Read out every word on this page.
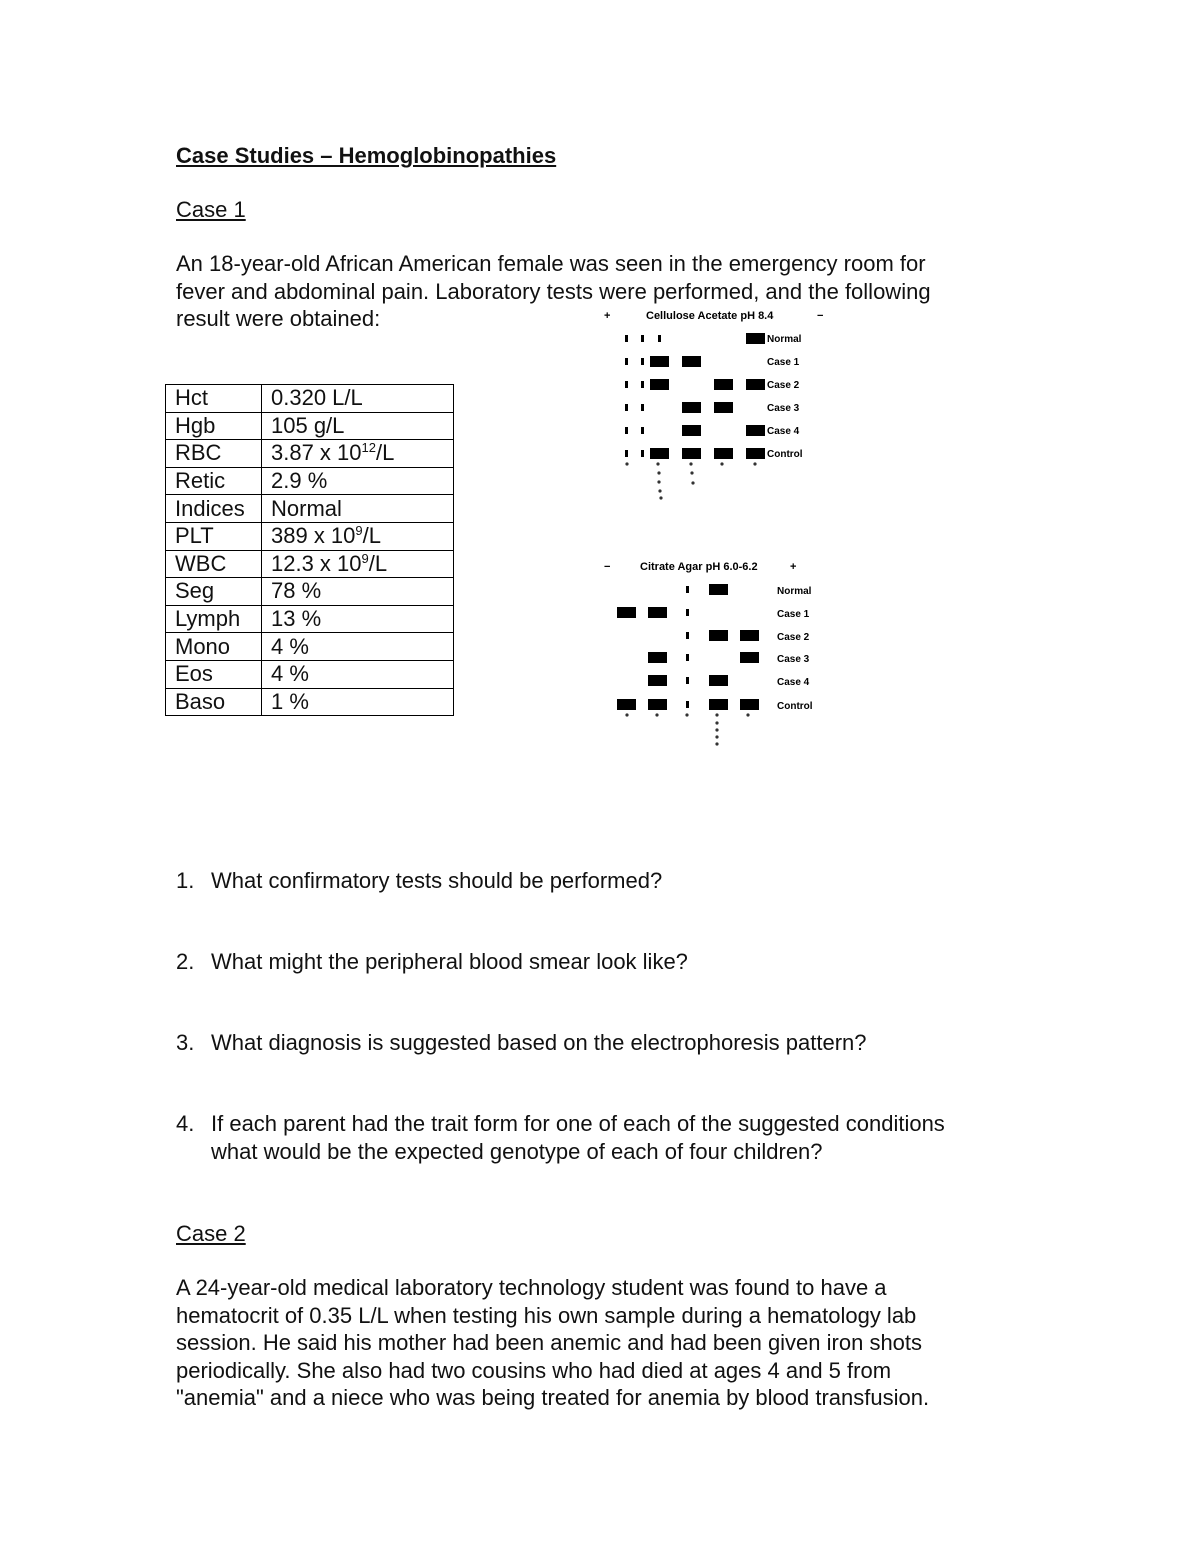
Case Studies – Hemoglobinopathies
Case 1
An 18-year-old African American female was seen in the emergency room for
fever and abdominal pain. Laboratory tests were performed, and the following
result were obtained:
Hct	0.320 L/L
Hgb	105 g/L
RBC	3.87 x $10^{12}/L$
Retic	2.9 %
Indices	Normal
PLT	389 x $10^9/L$
WBC	12.3 x $10^9/L$
Seg	78 %
Lymph	13 %
Mono	4 %
Eos	4 %
Baso	1 %
+	Cellulose Acetate pH 8.4	−
Normal
Case 1
Case 2
Case 3
Case 4
Control
−	Citrate Agar pH 6.0-6.2	+
Normal
Case 1
Case 2
Case 3
Case 4
Control
1. What confirmatory tests should be performed?
2. What might the peripheral blood smear look like?
3. What diagnosis is suggested based on the electrophoresis pattern?
4. If each parent had the trait form for one of each of the suggested conditions
what would be the expected genotype of each of four children?
Case 2
A 24-year-old medical laboratory technology student was found to have a
hematocrit of 0.35 L/L when testing his own sample during a hematology lab
session. He said his mother had been anemic and had been given iron shots
periodically. She also had two cousins who had died at ages 4 and 5 from
"anemia" and a niece who was being treated for anemia by blood transfusion.
